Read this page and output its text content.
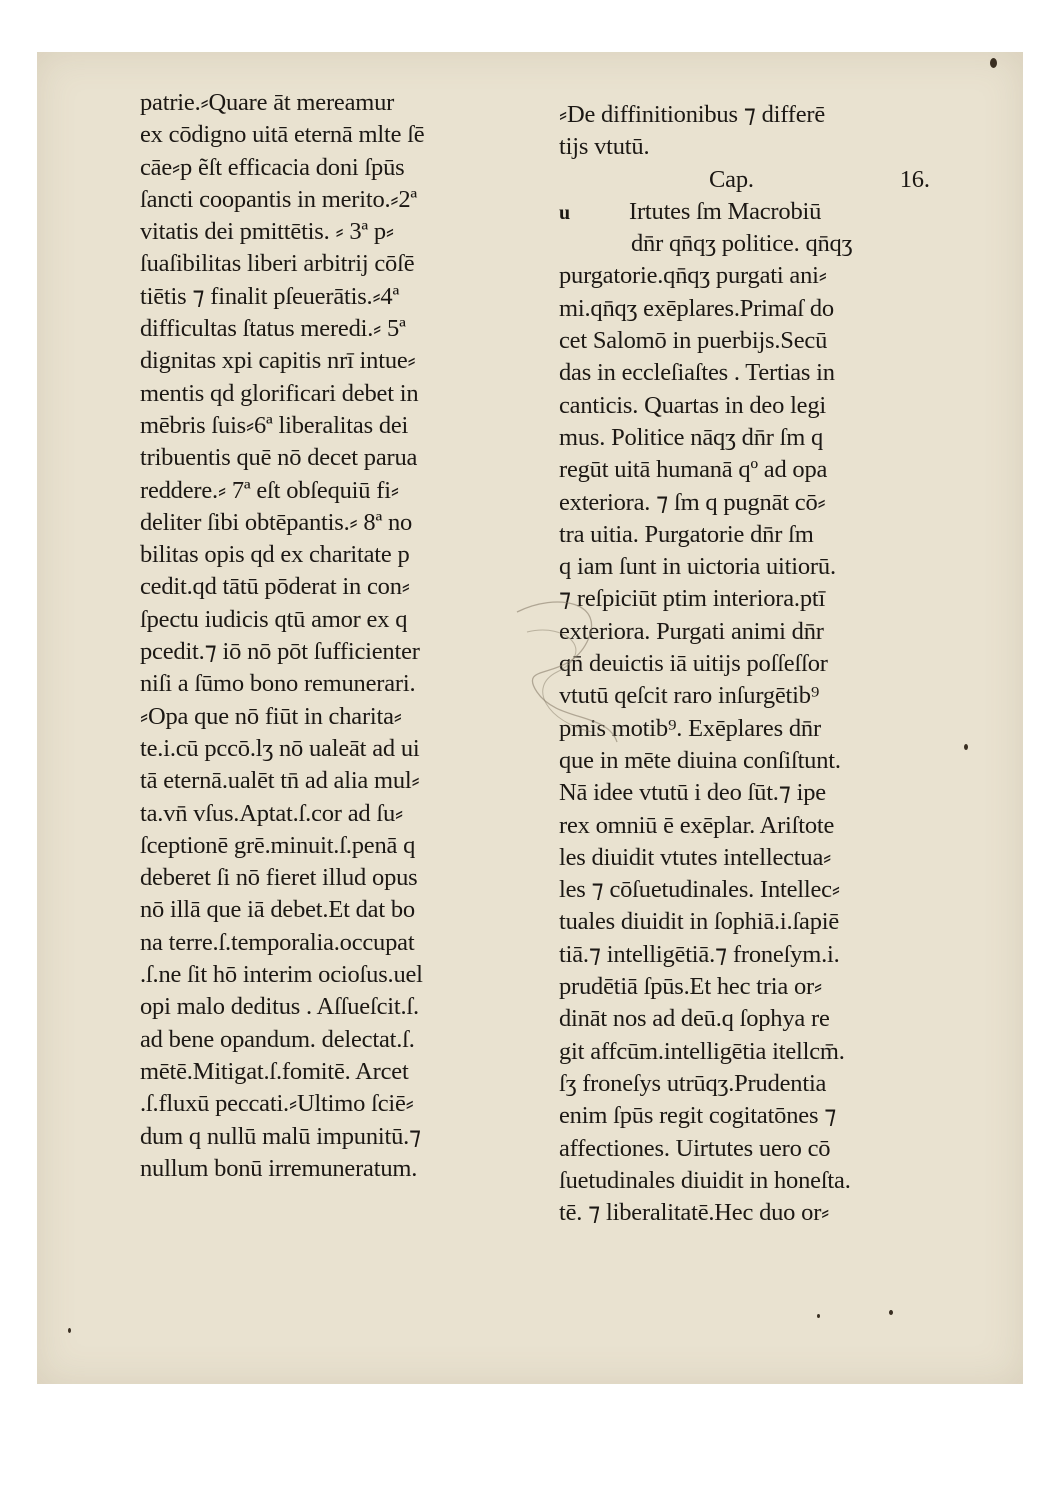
patrie.⸗Quare āt mereamur
ex cōdigno uitā eternā mlte ſē
cāe⸗p ẽſt efficacia doni ſpūs
ſancti coopantis in merito.⸗2ª
vitatis dei pmittētis. ⸗ 3ª p⸗
ſuaſibilitas liberi arbitrij cōſē
tiētis ⁊ finalit pſeuerātis.⸗4ª
difficultas ſtatus meredi.⸗ 5ª
dignitas xpi capitis nrī intue⸗
mentis qd glorificari debet in
mēbris ſuis⸗6ª liberalitas dei
tribuentis quē nō decet parua
reddere.⸗ 7ª eſt obſequiū fi⸗
deliter ſibi obtēpantis.⸗ 8ª no
bilitas opis qd ex charitate p
cedit.qd tātū pōderat in con⸗
ſpectu iudicis qtū amor ex q
pcedit.⁊ iō nō pōt ſufficienter
niſi a ſūmo bono remunerari.
⸗Opa que nō fiūt in charita⸗
te.i.cū pccō.lʒ nō ualeāt ad ui
tā eternā.ualēt tn̄ ad alia mul⸗
ta.vn̄ vſus.Aptat.ſ.cor ad ſu⸗
ſceptionē grē.minuit.ſ.penā q
deberet ſi nō fieret illud opus
nō illā que iā debet.Et dat bo
na terre.ſ.temporalia.occupat
.ſ.ne ſit hō interim ocioſus.uel
opi malo deditus . Aſſueſcit.ſ.
ad bene opandum. delectat.ſ.
mētē.Mitigat.ſ.fomitē. Arcet
.ſ.fluxū peccati.⸗Ultimo ſciē⸗
dum q nullū malū impunitū.⁊
nullum bonū irremuneratum.
⸗De diffinitionibus ⁊ differē
tijs vtutū.
Cap.	16.
u Irtutes ſm Macrobiū
dn̄r qn̄qʒ politice. qn̄qʒ
purgatorie.qn̄qʒ purgati ani⸗
mi.qn̄qʒ exēplares.Primaſ do
cet Salomō in puerbijs.Secū
das in eccleſiaſtes . Tertias in
canticis. Quartas in deo legi
mus. Politice nāqʒ dn̄r ſm q
regūt uitā humanā qº ad opa
exteriora. ⁊ ſm q pugnāt cō⸗
tra uitia. Purgatorie dn̄r ſm
q iam ſunt in uictoria uitiorū.
⁊ reſpiciūt ptim interiora.ptī
exteriora. Purgati animi dn̄r
qn̄ deuictis iā uitijs poſſeſſor
vtutū qeſcit raro inſurgētib⁹
pmis motib⁹. Exēplares dn̄r
que in mēte diuina conſiſtunt.
Nā idee vtutū i deo ſūt.⁊ ipe
rex omniū ē exēplar. Ariſtote
les diuidit vtutes intellectua⸗
les ⁊ cōſuetudinales. Intellec⸗
tuales diuidit in ſophiā.i.ſapiē
tiā.⁊ intelligētiā.⁊ froneſym.i.
prudētiā ſpūs.Et hec tria or⸗
dināt nos ad deū.q ſophya re
git affcūm.intelligētia itellcm̄.
ſʒ froneſys utrūqʒ.Prudentia
enim ſpūs regit cogitatōnes ⁊
affectiones. Uirtutes uero cō
ſuetudinales diuidit in honeſta.
tē. ⁊ liberalitatē.Hec duo or⸗
